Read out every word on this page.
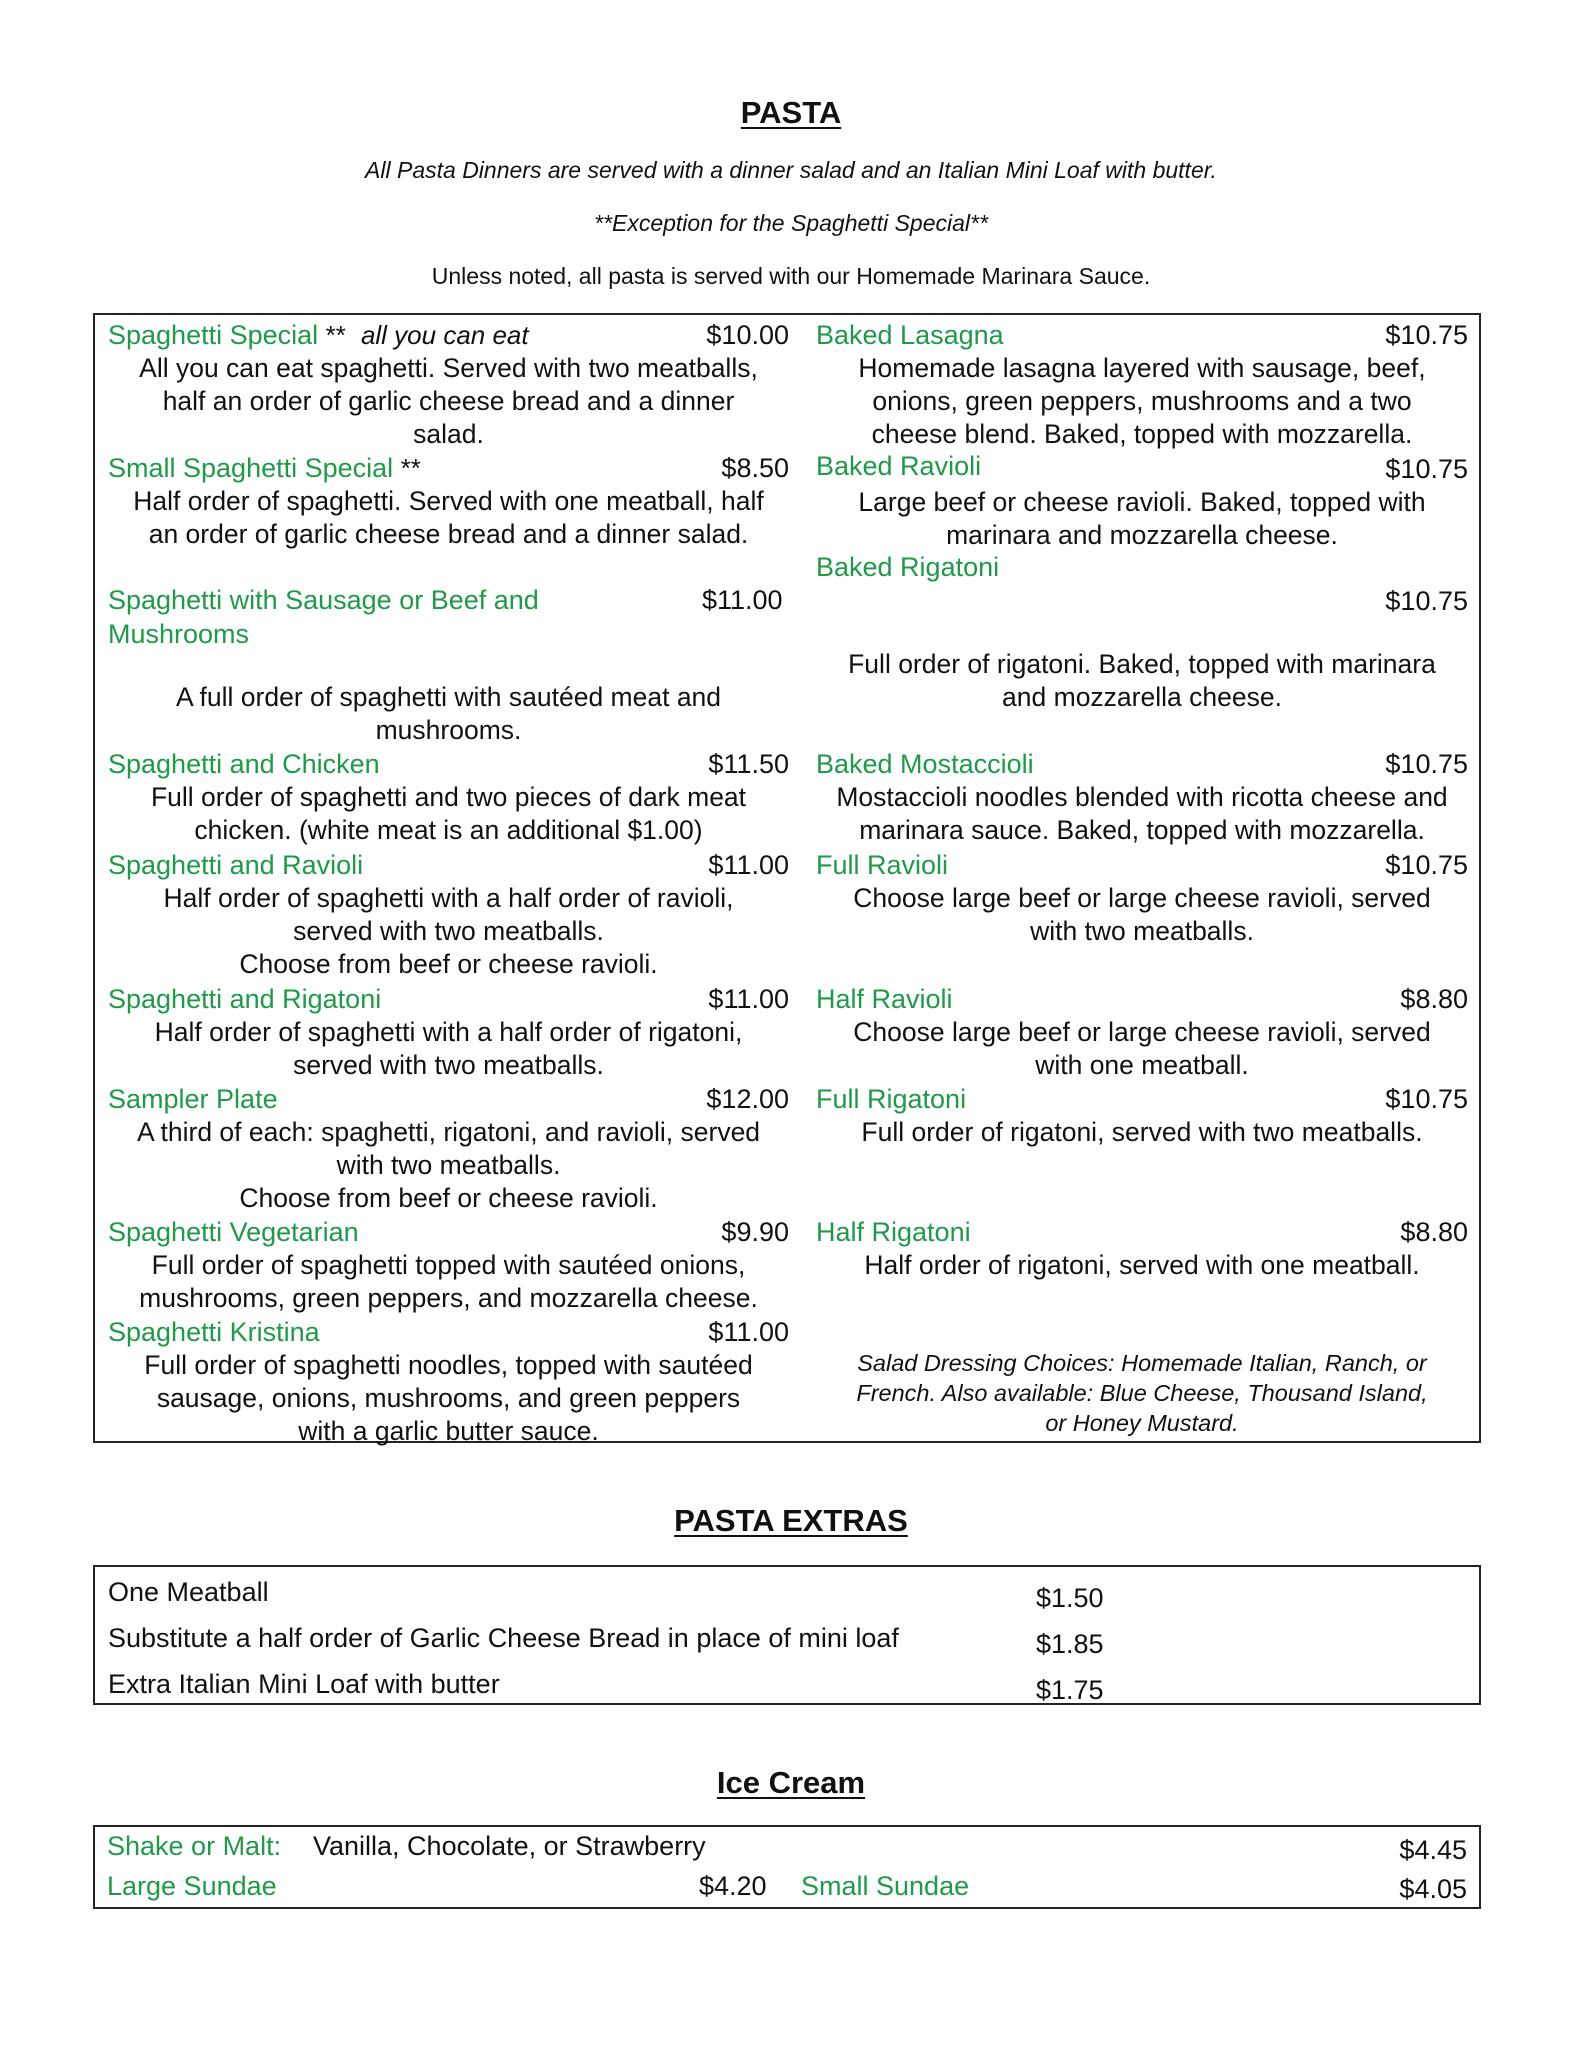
PASTA
All Pasta Dinners are served with a dinner salad and an Italian Mini Loaf with butter.
**Exception for the Spaghetti Special**
Unless noted, all pasta is served with our Homemade Marinara Sauce.
Spaghetti Special ** all you can eat	$10.00
All you can eat spaghetti. Served with two meatballs,
half an order of garlic cheese bread and a dinner
salad.
Small Spaghetti Special **	$8.50
Half order of spaghetti. Served with one meatball, half
an order of garlic cheese bread and a dinner salad.
Spaghetti with Sausage or Beef and	$11.00
Mushrooms
A full order of spaghetti with sautéed meat and
mushrooms.
Spaghetti and Chicken	$11.50
Full order of spaghetti and two pieces of dark meat
chicken. (white meat is an additional $1.00)
Spaghetti and Ravioli	$11.00
Half order of spaghetti with a half order of ravioli,
served with two meatballs.
Choose from beef or cheese ravioli.
Spaghetti and Rigatoni	$11.00
Half order of spaghetti with a half order of rigatoni,
served with two meatballs.
Sampler Plate	$12.00
A third of each: spaghetti, rigatoni, and ravioli, served
with two meatballs.
Choose from beef or cheese ravioli.
Spaghetti Vegetarian	$9.90
Full order of spaghetti topped with sautéed onions,
mushrooms, green peppers, and mozzarella cheese.
Spaghetti Kristina	$11.00
Full order of spaghetti noodles, topped with sautéed
sausage, onions, mushrooms, and green peppers
with a garlic butter sauce.
Baked Lasagna	$10.75
Homemade lasagna layered with sausage, beef,
onions, green peppers, mushrooms and a two
cheese blend. Baked, topped with mozzarella.
Baked Ravioli	$10.75
Large beef or cheese ravioli. Baked, topped with
marinara and mozzarella cheese.
Baked Rigatoni
$10.75
Full order of rigatoni. Baked, topped with marinara
and mozzarella cheese.
Baked Mostaccioli	$10.75
Mostaccioli noodles blended with ricotta cheese and
marinara sauce. Baked, topped with mozzarella.
Full Ravioli	$10.75
Choose large beef or large cheese ravioli, served
with two meatballs.
Half Ravioli	$8.80
Choose large beef or large cheese ravioli, served
with one meatball.
Full Rigatoni	$10.75
Full order of rigatoni, served with two meatballs.
Half Rigatoni	$8.80
Half order of rigatoni, served with one meatball.
Salad Dressing Choices: Homemade Italian, Ranch, or
French. Also available: Blue Cheese, Thousand Island,
or Honey Mustard.
PASTA EXTRAS
One Meatball	$1.50
Substitute a half order of Garlic Cheese Bread in place of mini loaf	$1.85
Extra Italian Mini Loaf with butter	$1.75
Ice Cream
Shake or Malt: Vanilla, Chocolate, or Strawberry	$4.45
Large Sundae	$4.20 Small Sundae	$4.05
